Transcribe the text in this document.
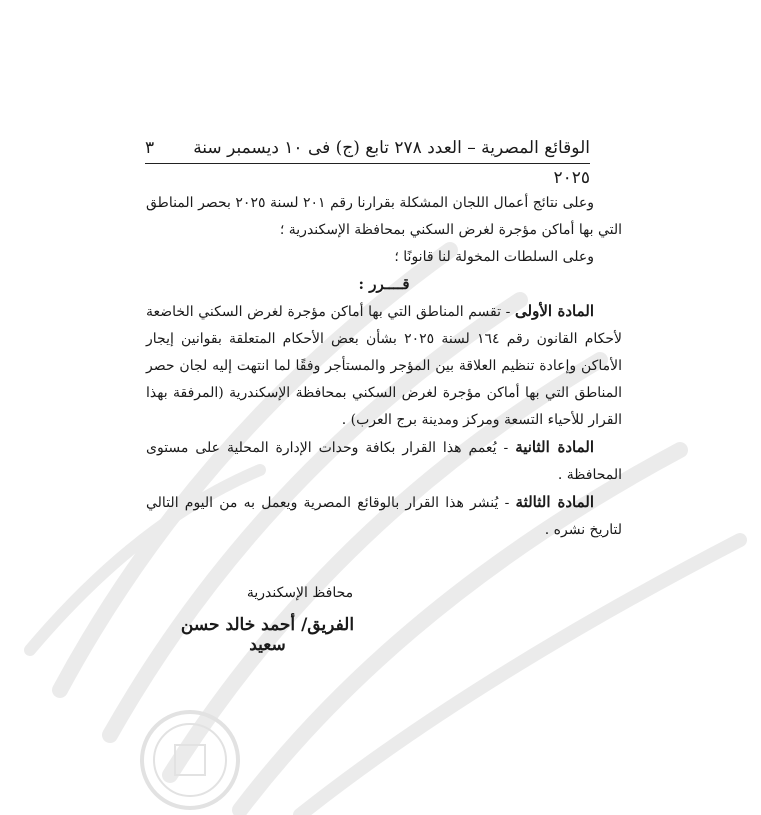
الوقائع المصرية – العدد ٢٧٨ تابع (ج) فى ١٠ ديسمبر سنة ٢٠٢٥
٣

وعلى نتائج أعمال اللجان المشكلة بقرارنا رقم ٢٠١ لسنة ٢٠٢٥ بحصر المناطق التي بها أماكن مؤجرة لغرض السكني بمحافظة الإسكندرية ؛

وعلى السلطات المخولة لنا قانونًا ؛

قــــرر :

المادة الأولى - تقسم المناطق التي بها أماكن مؤجرة لغرض السكني الخاضعة لأحكام القانون رقم ١٦٤ لسنة ٢٠٢٥ بشأن بعض الأحكام المتعلقة بقوانين إيجار الأماكن وإعادة تنظيم العلاقة بين المؤجر والمستأجر وفقًا لما انتهت إليه لجان حصر المناطق التي بها أماكن مؤجرة لغرض السكني بمحافظة الإسكندرية (المرفقة بهذا القرار للأحياء التسعة ومركز ومدينة برج العرب) .

المادة الثانية - يُعمم هذا القرار بكافة وحدات الإدارة المحلية على مستوى المحافظة .

المادة الثالثة - يُنشر هذا القرار بالوقائع المصرية ويعمل به من اليوم التالي لتاريخ نشره .

محافظ الإسكندرية
الفريق/ أحمد خالد حسن سعيد
